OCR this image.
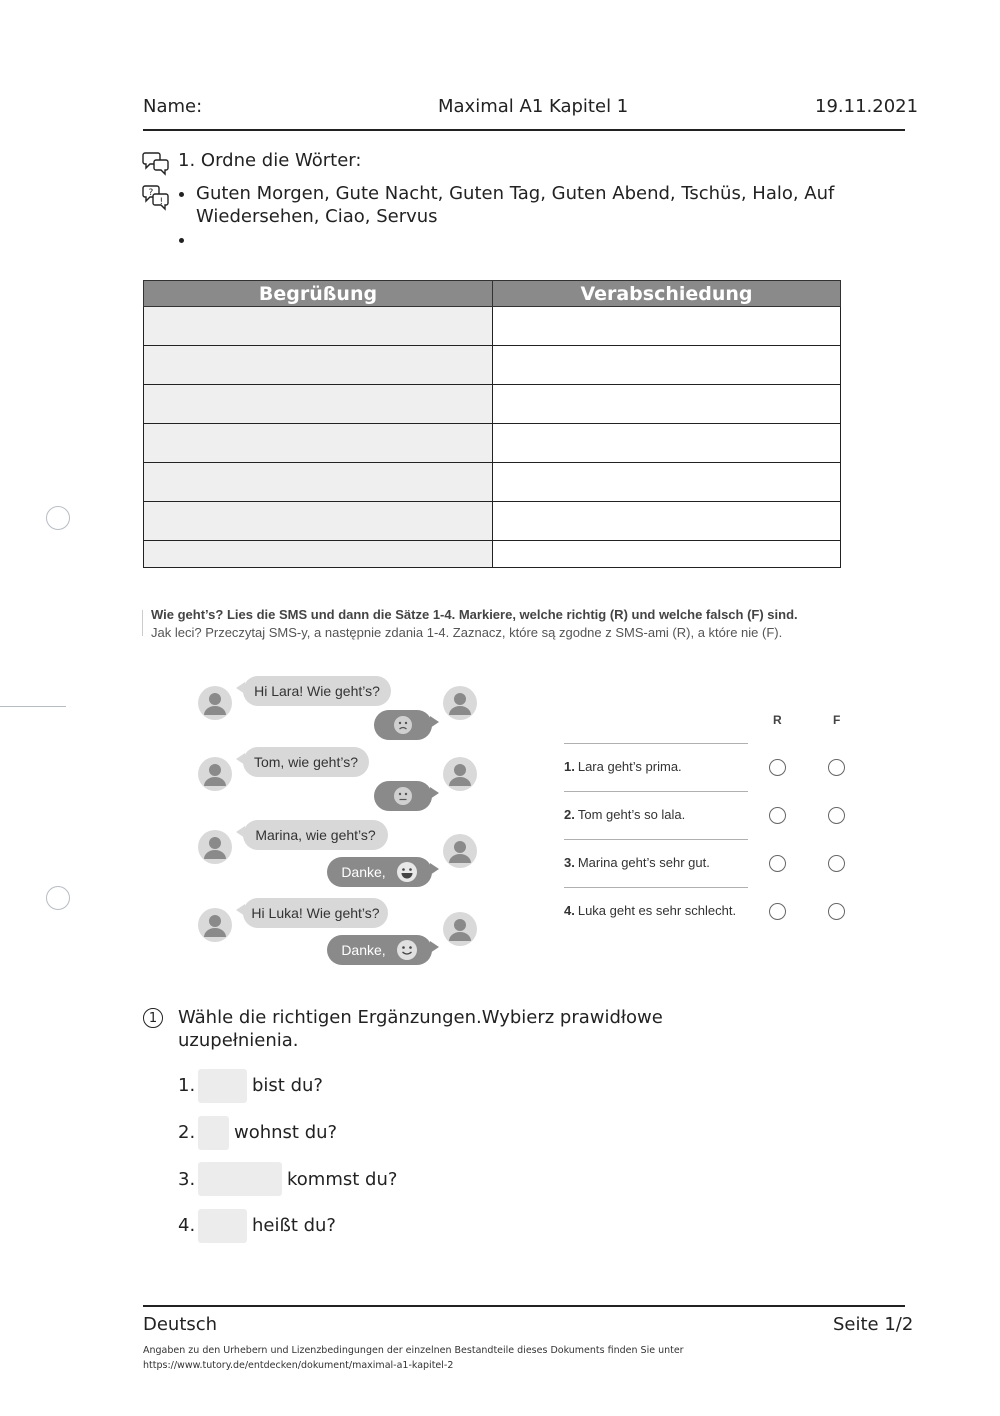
Name:	Maximal A1 Kapitel 1	19.11.2021
1. Ordne die Wörter:
?
! • Guten Morgen, Gute Nacht, Guten Tag, Guten Abend, Tschüs, Halo, Auf
Wiedersehen, Ciao, Servus
•
Begrüßung	Verabschiedung

Wie geht’s? Lies die SMS und dann die Sätze 1-4. Markiere, welche richtig (R) und welche falsch (F) sind.
Jak leci? Przeczytaj SMS-y, a następnie zdania 1-4. Zaznacz, które są zgodne z SMS-ami (R), a które nie (F).
Hi Lara! Wie geht’s?
Tom, wie geht’s?
Marina, wie geht’s?
Danke,
Hi Luka! Wie geht’s?
Danke,
R	F
1. Lara geht’s prima.
2. Tom geht’s so lala.
3. Marina geht’s sehr gut.
4. Luka geht es sehr schlecht.
1	Wähle die richtigen Ergänzungen.Wybierz prawidłowe
uzupełnienia.
1.	bist du?
2. wohnst du?
3.	kommst du?
4.	heißt du?
Deutsch	Seite 1/2
Angaben zu den Urhebern und Lizenzbedingungen der einzelnen Bestandteile dieses Dokuments finden Sie unter
https://www.tutory.de/entdecken/dokument/maximal-a1-kapitel-2
